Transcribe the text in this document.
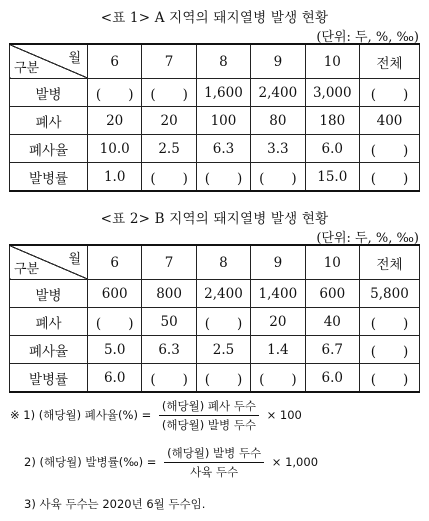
<표 1> A 지역의 돼지열병 발생 현황
(단위: 두, %, ‰)
월
구분	6	7	8	9	10	전체
발병	(　　)	(　　)	1,600	2,400	3,000	(　　)
폐사	20	20	100	80	180	400
폐사율	10.0	2.5	6.3	3.3	6.0	(　　)
발병률	1.0	(　　)	(　　)	(　　)	15.0	(　　)
<표 2> B 지역의 돼지열병 발생 현황
(단위: 두, %, ‰)
월
구분	6	7	8	9	10	전체
발병	600	800	2,400	1,400	600	5,800
폐사	(　　)	50	(　　)	20	40	(　　)
폐사율	5.0	6.3	2.5	1.4	6.7	(　　)
발병률	6.0	(　　)	(　　)	(　　)	6.0	(　　)
※ 1) (해당월) 폐사율(%) = $\frac{\text{(해당월) 폐사 두수}}{\text{(해당월) 발병 두수}} \times 100$
2) (해당월) 발병률(‰) = $\frac{\text{(해당월) 발병 두수}}{\text{사육 두수}} \times 1,000$
3) 사육 두수는 2020년 6월 두수임.
